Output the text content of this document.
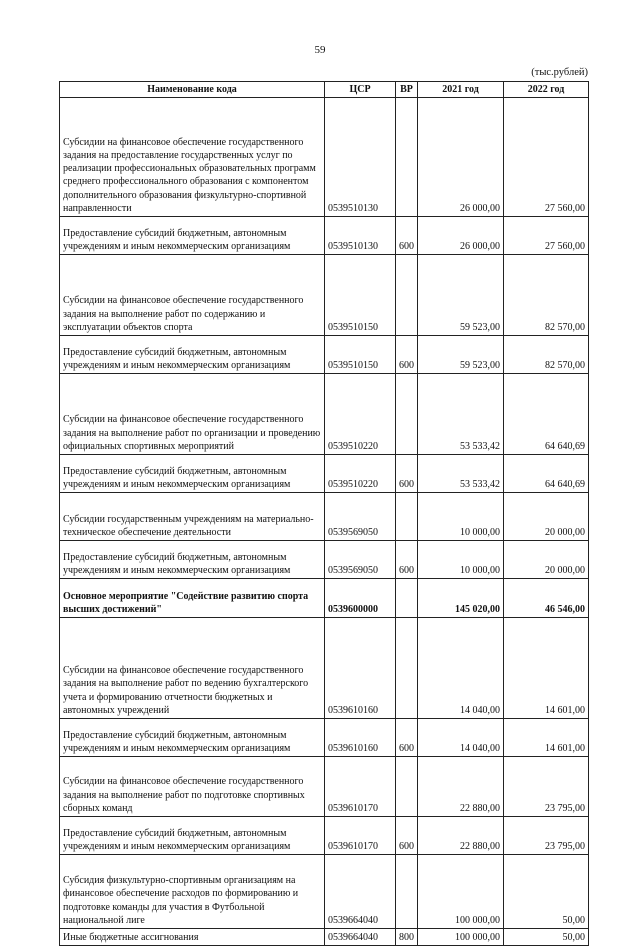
59
(тыс.рублей)
Наименование кода	ЦСР	ВР	2021 год	2022 год
Субсидии на финансовое обеспечение государственного задания на предоставление государственных услуг по реализации профессиональных образовательных программ среднего профессионального образования с компонентом дополнительного образования физкультурно-спортивной направленности	0539510130		26 000,00	27 560,00
Предоставление субсидий бюджетным, автономным учреждениям и иным некоммерческим организациям	0539510130	600	26 000,00	27 560,00
Субсидии на финансовое обеспечение государственного задания на выполнение работ по содержанию и эксплуатации объектов спорта	0539510150		59 523,00	82 570,00
Предоставление субсидий бюджетным, автономным учреждениям и иным некоммерческим организациям	0539510150	600	59 523,00	82 570,00
Субсидии на финансовое обеспечение государственного задания на выполнение работ по организации и проведению официальных спортивных мероприятий	0539510220		53 533,42	64 640,69
Предоставление субсидий бюджетным, автономным учреждениям и иным некоммерческим организациям	0539510220	600	53 533,42	64 640,69
Субсидии государственным учреждениям на материально-техническое обеспечение деятельности	0539569050		10 000,00	20 000,00
Предоставление субсидий бюджетным, автономным учреждениям и иным некоммерческим организациям	0539569050	600	10 000,00	20 000,00
Основное мероприятие "Содействие развитию спорта высших достижений"	0539600000		145 020,00	46 546,00
Субсидии на финансовое обеспечение государственного задания на выполнение работ по ведению бухгалтерского учета и формированию отчетности бюджетных и автономных учреждений	0539610160		14 040,00	14 601,00
Предоставление субсидий бюджетным, автономным учреждениям и иным некоммерческим организациям	0539610160	600	14 040,00	14 601,00
Субсидии на финансовое обеспечение государственного задания на выполнение работ по подготовке спортивных сборных команд	0539610170		22 880,00	23 795,00
Предоставление субсидий бюджетным, автономным учреждениям и иным некоммерческим организациям	0539610170	600	22 880,00	23 795,00
Субсидия физкультурно-спортивным организациям на финансовое обеспечение расходов по формированию и подготовке команды для участия в Футбольной национальной лиге	0539664040		100 000,00	50,00
Иные бюджетные ассигнования	0539664040	800	100 000,00	50,00
